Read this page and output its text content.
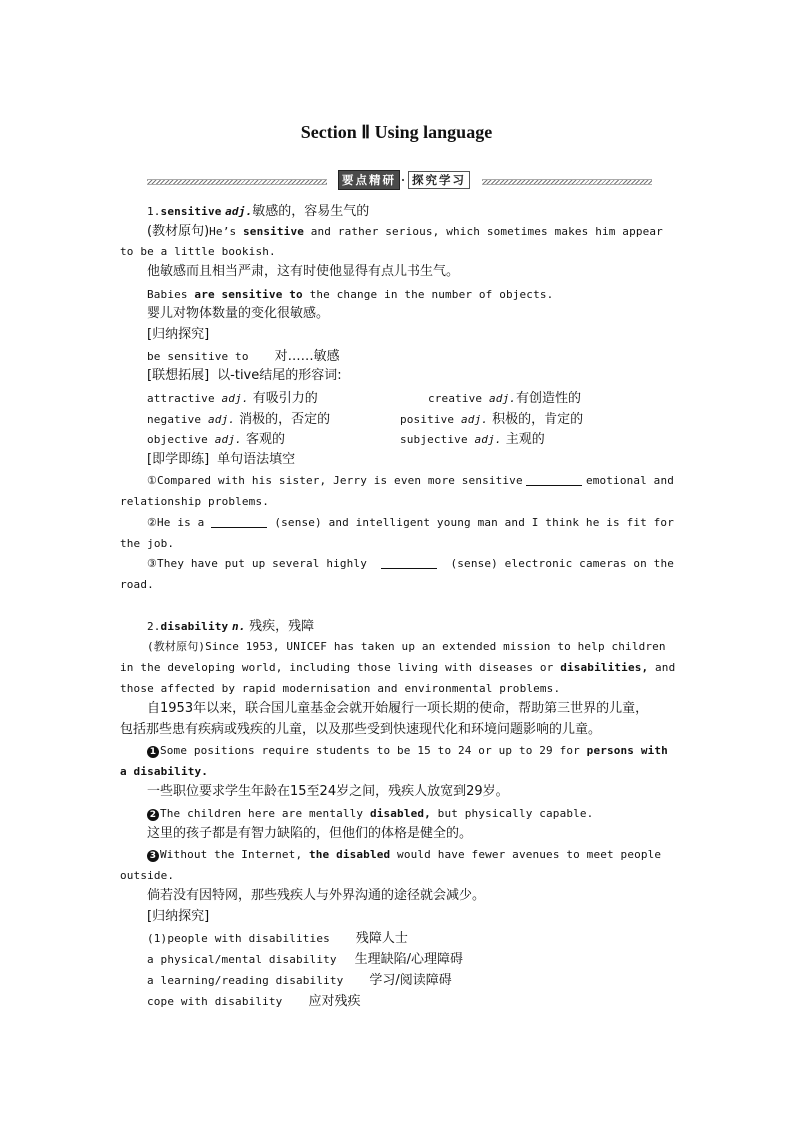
Section Ⅱ Using language
要点精研 · 探究学习
1.sensitive adj.敏感的，容易生气的
(教材原句)He’s sensitive and rather serious, which sometimes makes him appear
to be a little bookish.
他敏感而且相当严肃，这有时使他显得有点儿书生气。
Babies are sensitive to the change in the number of objects.
婴儿对物体数量的变化很敏感。
[归纳探究]
be sensitive to 对……敏感
[联想拓展] 以-tive结尾的形容词:
attractive adj. 有吸引力的	creative adj.有创造性的
negative adj. 消极的，否定的	positive adj. 积极的，肯定的
objective adj. 客观的	subjective adj. 主观的
[即学即练] 单句语法填空
①Compared with his sister, Jerry is even more sensitive	emotional and
relationship problems.
②He is a	(sense) and intelligent young man and I think he is fit for
the job.
③They have put up several highly	(sense) electronic cameras on the
road.
2.disability n. 残疾，残障
(教材原句)Since 1953, UNICEF has taken up an extended mission to help children
in the developing world, including those living with diseases or disabilities, and
those affected by rapid modernisation and environmental problems.
自1953年以来，联合国儿童基金会就开始履行一项长期的使命，帮助第三世界的儿童，
包括那些患有疾病或残疾的儿童，以及那些受到快速现代化和环境问题影响的儿童。
1 Some positions require students to be 15 to 24 or up to 29 for persons with
a disability.
一些职位要求学生年龄在15至24岁之间，残疾人放宽到29岁。
2 The children here are mentally disabled, but physically capable.
这里的孩子都是有智力缺陷的，但他们的体格是健全的。
3 Without the Internet, the disabled would have fewer avenues to meet people
outside.
倘若没有因特网，那些残疾人与外界沟通的途径就会减少。
[归纳探究]
(1)people with disabilities 残障人士
a physical/mental disability 生理缺陷/心理障碍
a learning/reading disability 学习/阅读障碍
cope with disability 应对残疾
